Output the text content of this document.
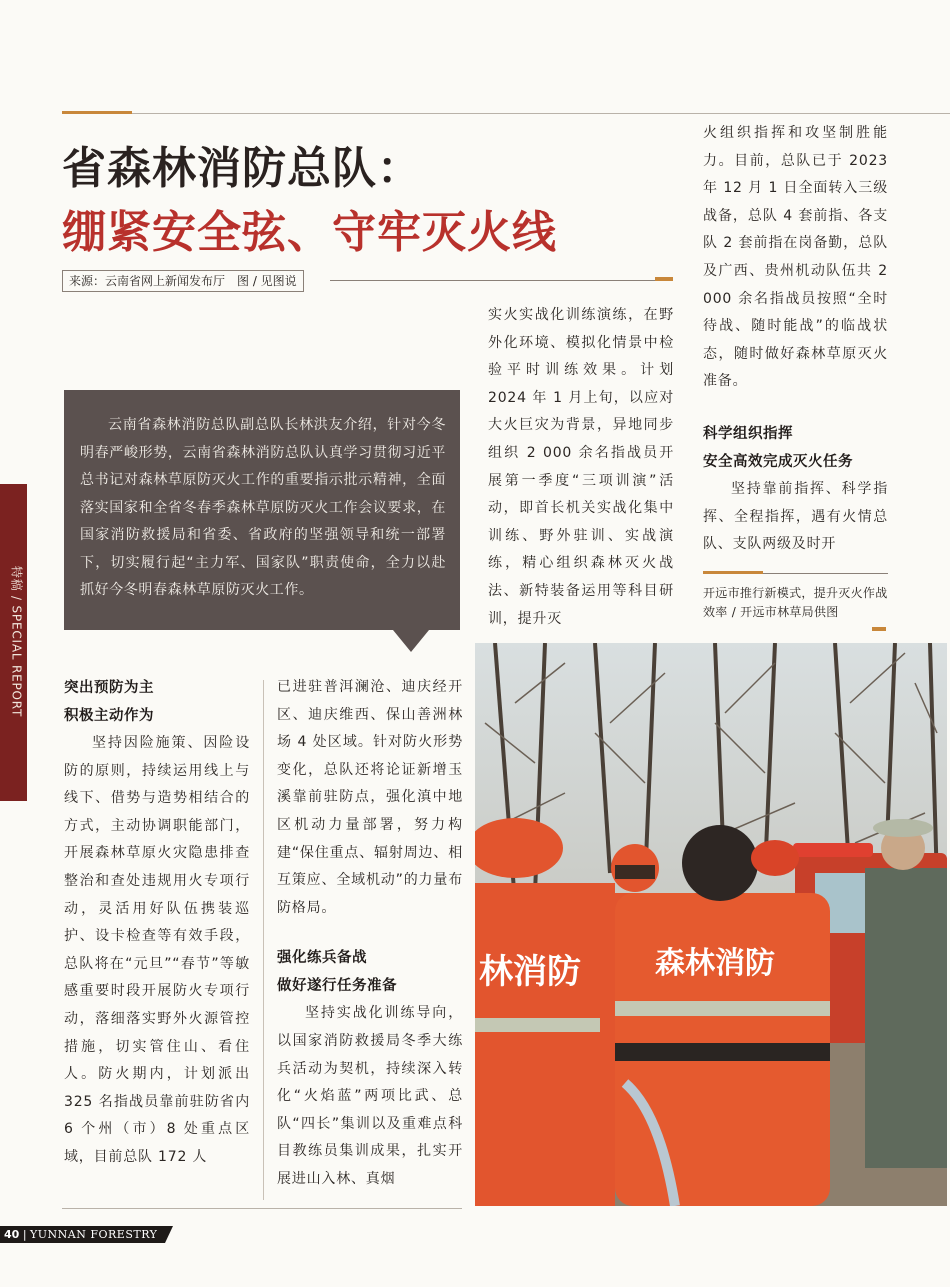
省森林消防总队：
绷紧安全弦、守牢灭火线
来源：云南省网上新闻发布厅　图 / 见图说
特稿 / SPECIAL REPORT

云南省森林消防总队副总队长林洪友介绍，针对今冬明春严峻形势，云南省森林消防总队认真学习贯彻习近平总书记对森林草原防灭火工作的重要指示批示精神，全面落实国家和全省冬春季森林草原防灭火工作会议要求，在国家消防救援局和省委、省政府的坚强领导和统一部署下，切实履行起“主力军、国家队”职责使命，全力以赴抓好今冬明春森林草原防灭火工作。

实火实战化训练演练，在野外化环境、模拟化情景中检验平时训练效果。计划 2024 年 1 月上旬，以应对大火巨灾为背景，异地同步组织 2 000 余名指战员开展第一季度“三项训演”活动，即首长机关实战化集中训练、野外驻训、实战演练，精心组织森林灭火战法、新特装备运用等科目研训，提升灭

火组织指挥和攻坚制胜能力。目前，总队已于 2023 年 12 月 1 日全面转入三级战备，总队 4 套前指、各支队 2 套前指在岗备勤，总队及广西、贵州机动队伍共 2 000 余名指战员按照“全时待战、随时能战”的临战状态，随时做好森林草原灭火准备。

科学组织指挥
安全高效完成灭火任务

坚持靠前指挥、科学指挥、全程指挥，遇有火情总队、支队两级及时开

开远市推行新模式，提升灭火作战效率 / 开远市林草局供图
突出预防为主
积极主动作为

坚持因险施策、因险设防的原则，持续运用线上与线下、借势与造势相结合的方式，主动协调职能部门，开展森林草原火灾隐患排查整治和查处违规用火专项行动，灵活用好队伍携装巡护、设卡检查等有效手段，总队将在“元旦”“春节”等敏感重要时段开展防火专项行动，落细落实野外火源管控措施，切实管住山、看住人。防火期内，计划派出 325 名指战员靠前驻防省内 6 个州（市）8 处重点区域，目前总队 172 人

已进驻普洱澜沧、迪庆经开区、迪庆维西、保山善洲林场 4 处区域。针对防火形势变化，总队还将论证新增玉溪靠前驻防点，强化滇中地区机动力量部署，努力构建“保住重点、辐射周边、相互策应、全域机动”的力量布防格局。

强化练兵备战
做好遂行任务准备

坚持实战化训练导向，以国家消防救援局冬季大练兵活动为契机，持续深入转化“火焰蓝”两项比武、总队“四长”集训以及重难点科目教练员集训成果，扎实开展进山入林、真烟

林消防 森林消防
40 | YUNNAN FORESTRY
